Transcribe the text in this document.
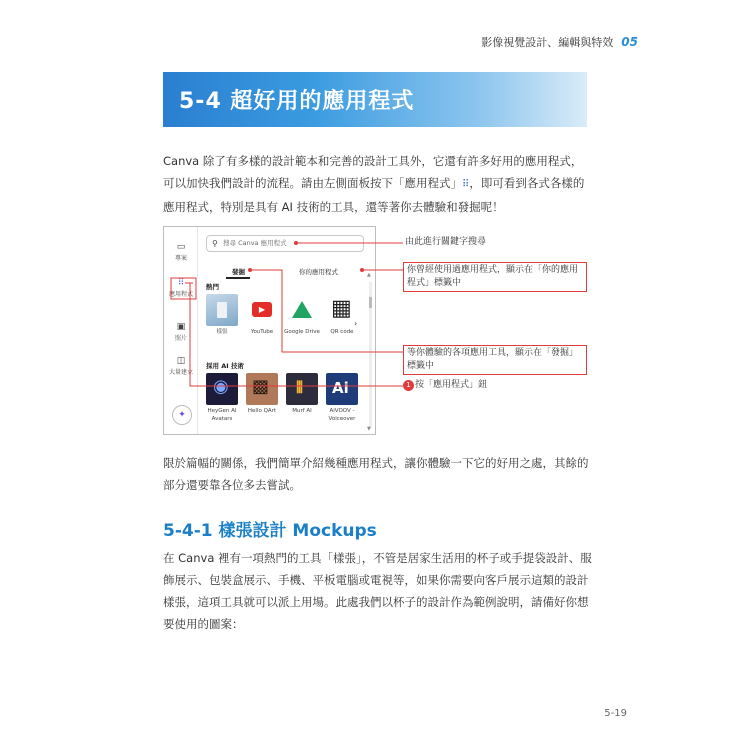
影像視覺設計、編輯與特效 05
5-4 超好用的應用程式
Canva 除了有多樣的設計範本和完善的設計工具外，它還有許多好用的應用程式，可以加快我們設計的流程。請由左側面板按下「應用程式」⠿，即可看到各式各樣的應用程式，特別是具有 AI 技術的工具，還等著你去體驗和發掘呢！
▭
專案
⠿
應用程式
▣
照片
◫
大量建立
✦
⚲ 搜尋 Canva 應用程式
發掘	你的應用程式
熱門
樣張
▶	YouTube	Google Drive
▦	QR code
›
採用 AI 技術
◉
HeyGen AI Avatars
▩
Hello QArt
⦀	Murf AI
Ai	AiVOOV - Voiceover
▲
▼
由此進行關鍵字搜尋
你曾經使用過應用程式，顯示在「你的應用程式」標籤中
等你體驗的各項應用工具，顯示在「發掘」標籤中
1 按「應用程式」鈕
限於篇幅的關係，我們簡單介紹幾種應用程式，讓你體驗一下它的好用之處，其餘的部分還要靠各位多去嘗試。
5-4-1 樣張設計 Mockups
在 Canva 裡有一項熱門的工具「樣張」，不管是居家生活用的杯子或手提袋設計、服飾展示、包裝盒展示、手機、平板電腦或電視等，如果你需要向客戶展示這類的設計樣張，這項工具就可以派上用場。此處我們以杯子的設計作為範例說明，請備好你想要使用的圖案：
5-19
